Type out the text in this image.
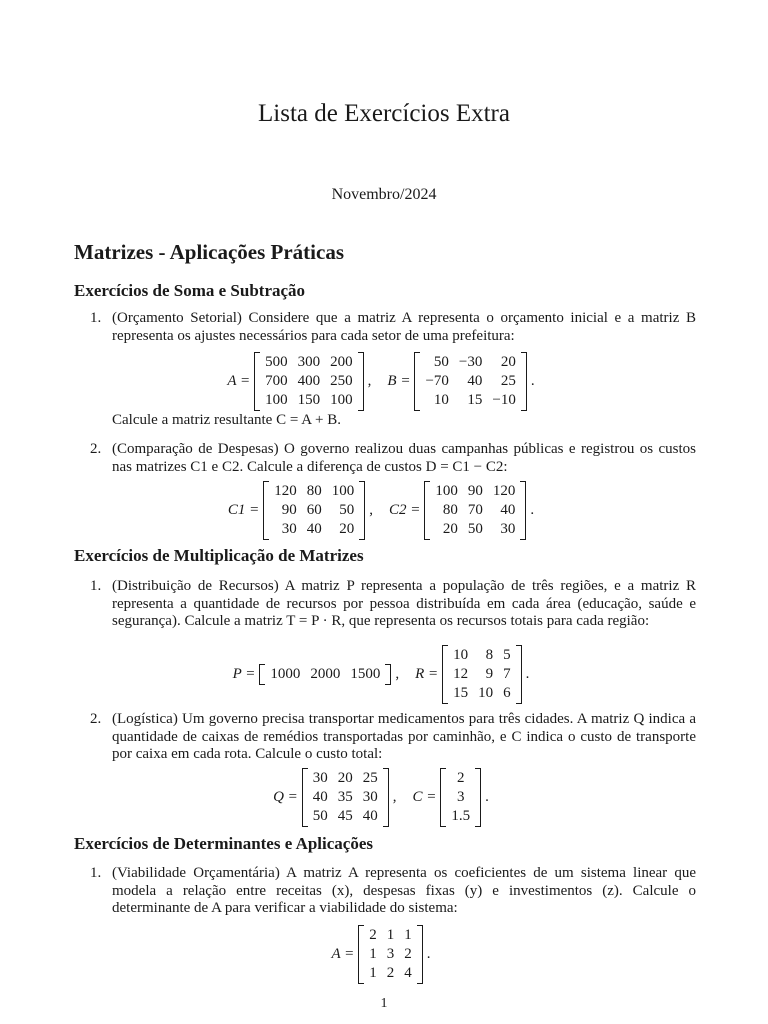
Lista de Exercícios Extra
Novembro/2024
Matrizes - Aplicações Práticas
Exercícios de Soma e Subtração
1. (Orçamento Setorial) Considere que a matriz A representa o orçamento inicial e a matriz B representa os ajustes necessários para cada setor de uma prefeitura:
A =
500	300	200
700	400	250
100	150	100
, B =
50	−30	20
−70	40	25
10	15	−10
.
Calcule a matriz resultante C = A + B.
2. (Comparação de Despesas) O governo realizou duas campanhas públicas e registrou os custos nas matrizes C1 e C2. Calcule a diferença de custos D = C1 − C2:
C1 =
120	80	100
90	60	50
30	40	20
, C2 =
100	90	120
80	70	40
20	50	30
.
Exercícios de Multiplicação de Matrizes
1. (Distribuição de Recursos) A matriz P representa a população de três regiões, e a matriz R representa a quantidade de recursos por pessoa distribuída em cada área (educação, saúde e segurança). Calcule a matriz T = P · R, que representa os recursos totais para cada região:
P = 1000	2000	1500 , R =
10	8	5
12	9	7
15	10	6
.
2. (Logística) Um governo precisa transportar medicamentos para três cidades. A matriz Q indica a quantidade de caixas de remédios transportadas por caminhão, e C indica o custo de transporte por caixa em cada rota. Calcule o custo total:
Q =
30	20	25
40	35	30
50	45	40
, C =
2
3
1.5
.
Exercícios de Determinantes e Aplicações
1. (Viabilidade Orçamentária) A matriz A representa os coeficientes de um sistema linear que modela a relação entre receitas (x), despesas fixas (y) e investimentos (z). Calcule o determinante de A para verificar a viabilidade do sistema:
A =
2	1	1
1	3	2
1	2	4
.
1
